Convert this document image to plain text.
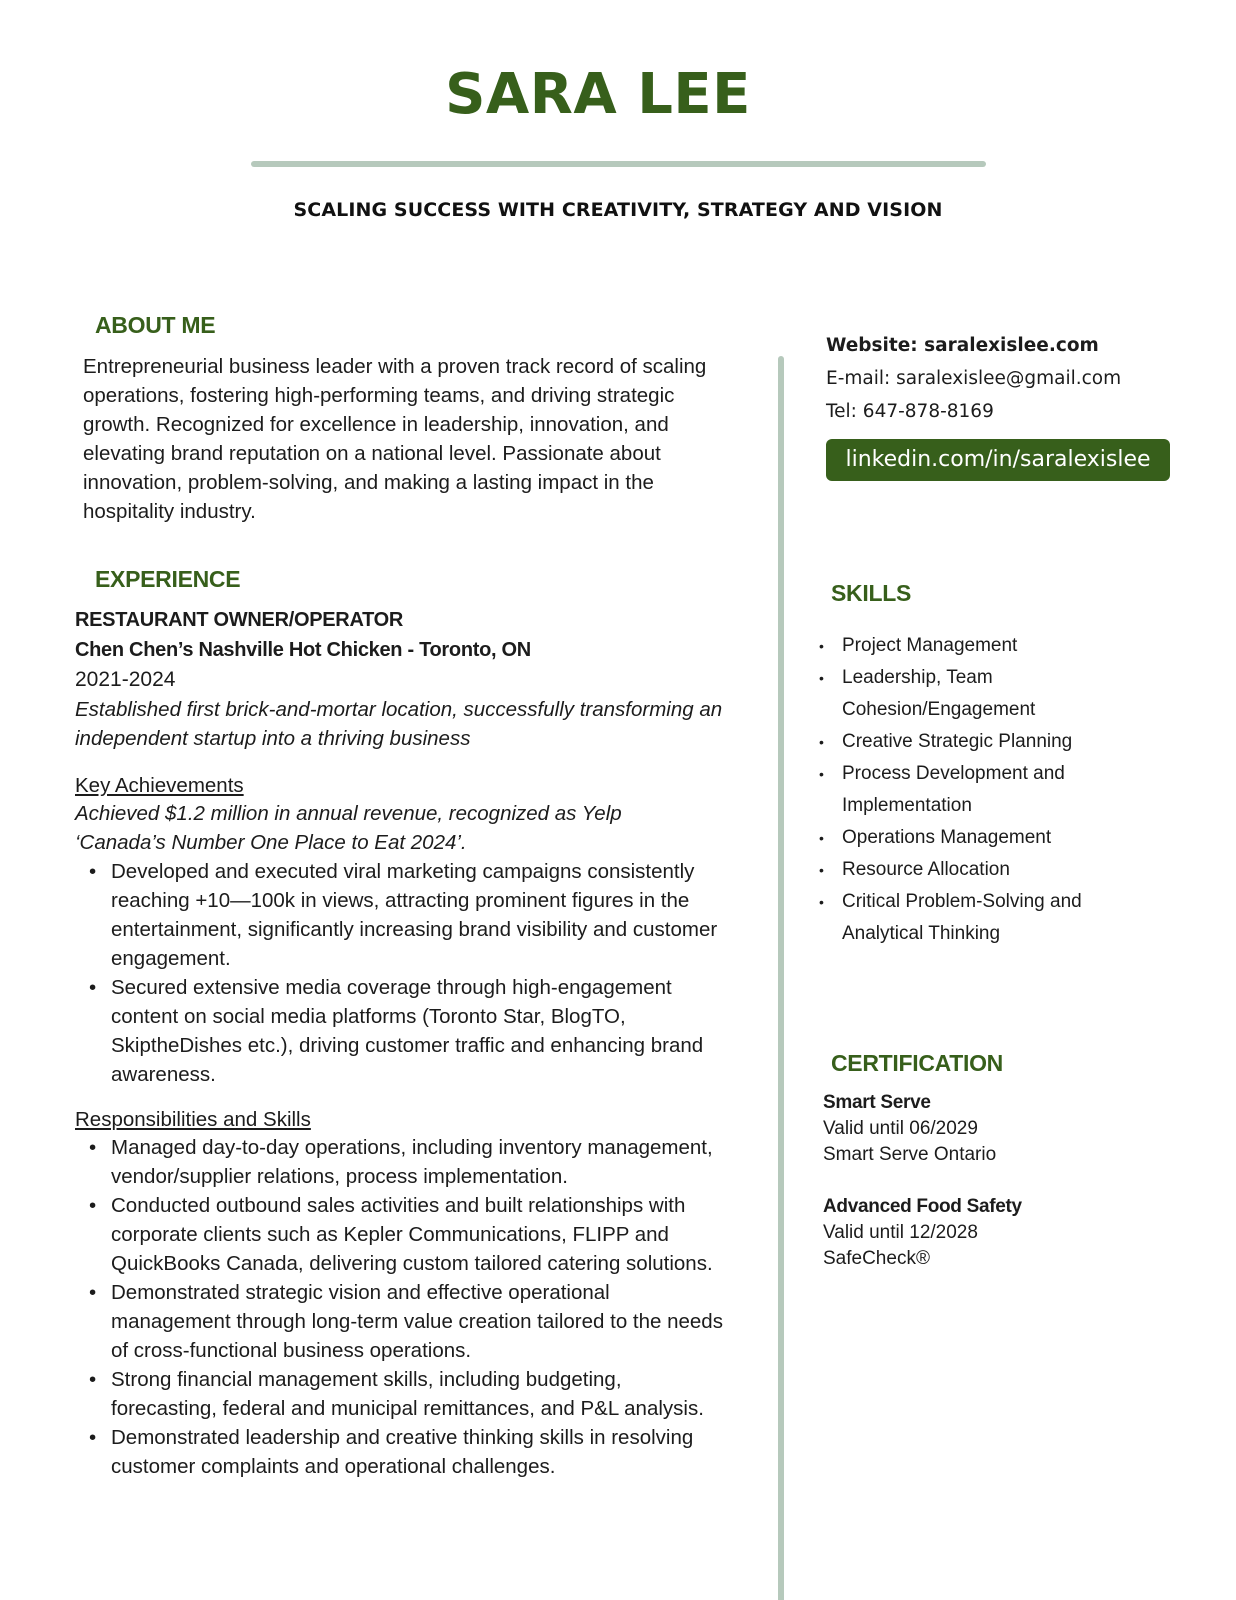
SARA LEE
SCALING SUCCESS WITH CREATIVITY, STRATEGY AND VISION
ABOUT ME
Entrepreneurial business leader with a proven track record of scaling
operations, fostering high-performing teams, and driving strategic
growth. Recognized for excellence in leadership, innovation, and
elevating brand reputation on a national level. Passionate about
innovation, problem-solving, and making a lasting impact in the
hospitality industry.
EXPERIENCE
RESTAURANT OWNER/OPERATOR
Chen Chen’s Nashville Hot Chicken - Toronto, ON
2021-2024
Established first brick-and-mortar location, successfully transforming an
independent startup into a thriving business
Key Achievements
Achieved $1.2 million in annual revenue, recognized as Yelp
‘Canada’s Number One Place to Eat 2024’.
• Developed and executed viral marketing campaigns consistently
reaching +10—100k in views, attracting prominent figures in the
entertainment, significantly increasing brand visibility and customer
engagement.
• Secured extensive media coverage through high-engagement
content on social media platforms (Toronto Star, BlogTO,
SkiptheDishes etc.), driving customer traffic and enhancing brand
awareness.
Responsibilities and Skills
• Managed day-to-day operations, including inventory management,
vendor/supplier relations, process implementation.
• Conducted outbound sales activities and built relationships with
corporate clients such as Kepler Communications, FLIPP and
QuickBooks Canada, delivering custom tailored catering solutions.
• Demonstrated strategic vision and effective operational
management through long-term value creation tailored to the needs
of cross-functional business operations.
• Strong financial management skills, including budgeting,
forecasting, federal and municipal remittances, and P&L analysis.
• Demonstrated leadership and creative thinking skills in resolving
customer complaints and operational challenges.
Website: saralexislee.com
E-mail: saralexislee@gmail.com
Tel: 647-878-8169
linkedin.com/in/saralexislee
SKILLS
• Project Management
• Leadership, Team
Cohesion/Engagement
• Creative Strategic Planning
• Process Development and
Implementation
• Operations Management
• Resource Allocation
• Critical Problem-Solving and
Analytical Thinking
CERTIFICATION
Smart Serve
Valid until 06/2029
Smart Serve Ontario
Advanced Food Safety
Valid until 12/2028
SafeCheck®
